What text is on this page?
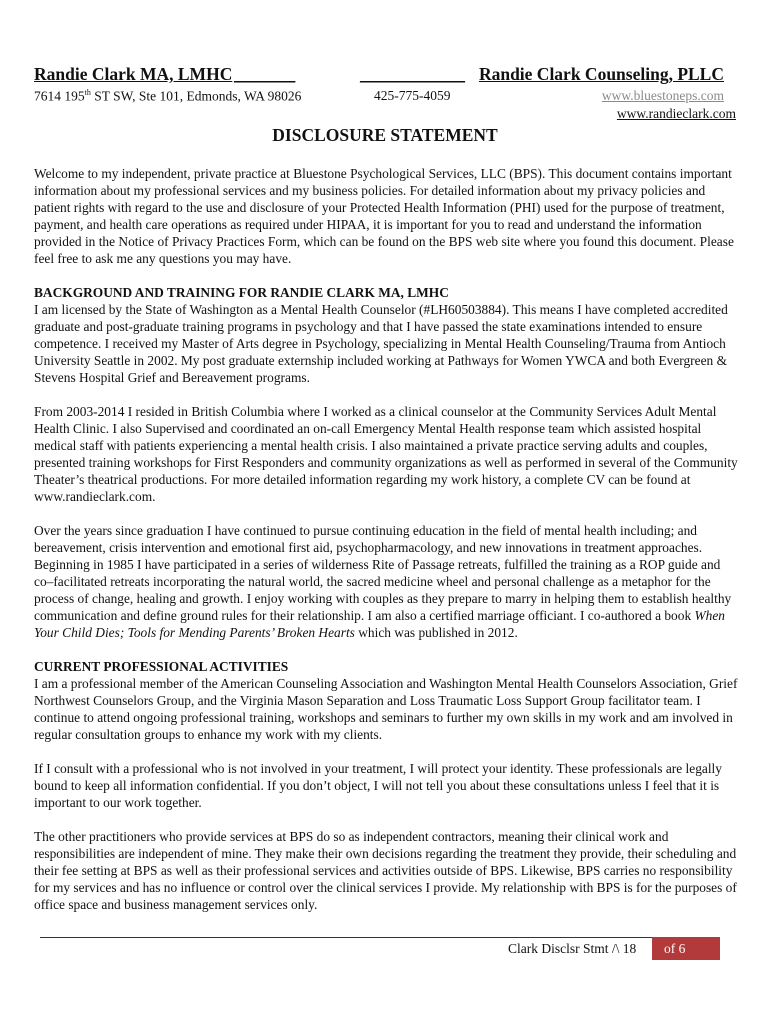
Randie Clark MA, LMHC _______	____________ Randie Clark Counseling, PLLC
7614 195th ST SW, Ste 101, Edmonds, WA 98026	425-775-4059	www.bluestoneps.com
www.randieclark.com
DISCLOSURE STATEMENT

Welcome to my independent, private practice at Bluestone Psychological Services, LLC (BPS). This document contains important information about my professional services and my business policies. For detailed information about my privacy policies and patient rights with regard to the use and disclosure of your Protected Health Information (PHI) used for the purpose of treatment, payment, and health care operations as required under HIPAA, it is important for you to read and understand the information provided in the Notice of Privacy Practices Form, which can be found on the BPS web site where you found this document. Please feel free to ask me any questions you may have.

BACKGROUND AND TRAINING FOR RANDIE CLARK MA, LMHC

I am licensed by the State of Washington as a Mental Health Counselor (#LH60503884). This means I have completed accredited graduate and post-graduate training programs in psychology and that I have passed the state examinations intended to ensure competence. I received my Master of Arts degree in Psychology, specializing in Mental Health Counseling/Trauma from Antioch University Seattle in 2002. My post graduate externship included working at Pathways for Women YWCA and both Evergreen & Stevens Hospital Grief and Bereavement programs.

From 2003-2014 I resided in British Columbia where I worked as a clinical counselor at the Community Services Adult Mental Health Clinic. I also Supervised and coordinated an on-call Emergency Mental Health response team which assisted hospital medical staff with patients experiencing a mental health crisis. I also maintained a private practice serving adults and couples, presented training workshops for First Responders and community organizations as well as performed in several of the Community Theater’s theatrical productions. For more detailed information regarding my work history, a complete CV can be found at www.randieclark.com.

Over the years since graduation I have continued to pursue continuing education in the field of mental health including; and bereavement, crisis intervention and emotional first aid, psychopharmacology, and new innovations in treatment approaches. Beginning in 1985 I have participated in a series of wilderness Rite of Passage retreats, fulfilled the training as a ROP guide and co–facilitated retreats incorporating the natural world, the sacred medicine wheel and personal challenge as a metaphor for the process of change, healing and growth. I enjoy working with couples as they prepare to marry in helping them to establish healthy communication and define ground rules for their relationship. I am also a certified marriage officiant. I co-authored a book When Your Child Dies; Tools for Mending Parents’ Broken Hearts which was published in 2012.

CURRENT PROFESSIONAL ACTIVITIES

I am a professional member of the American Counseling Association and Washington Mental Health Counselors Association, Grief Northwest Counselors Group, and the Virginia Mason Separation and Loss Traumatic Loss Support Group facilitator team. I continue to attend ongoing professional training, workshops and seminars to further my own skills in my work and am involved in regular consultation groups to enhance my work with my clients.

If I consult with a professional who is not involved in your treatment, I will protect your identity. These professionals are legally bound to keep all information confidential. If you don’t object, I will not tell you about these consultations unless I feel that it is important to our work together.

The other practitioners who provide services at BPS do so as independent contractors, meaning their clinical work and responsibilities are independent of mine. They make their own decisions regarding the treatment they provide, their scheduling and their fee setting at BPS as well as their professional services and activities outside of BPS. Likewise, BPS carries no responsibility for my services and has no influence or control over the clinical services I provide. My relationship with BPS is for the purposes of office space and business management services only.

Clark Disclsr Stmt /\ 18	of 6
